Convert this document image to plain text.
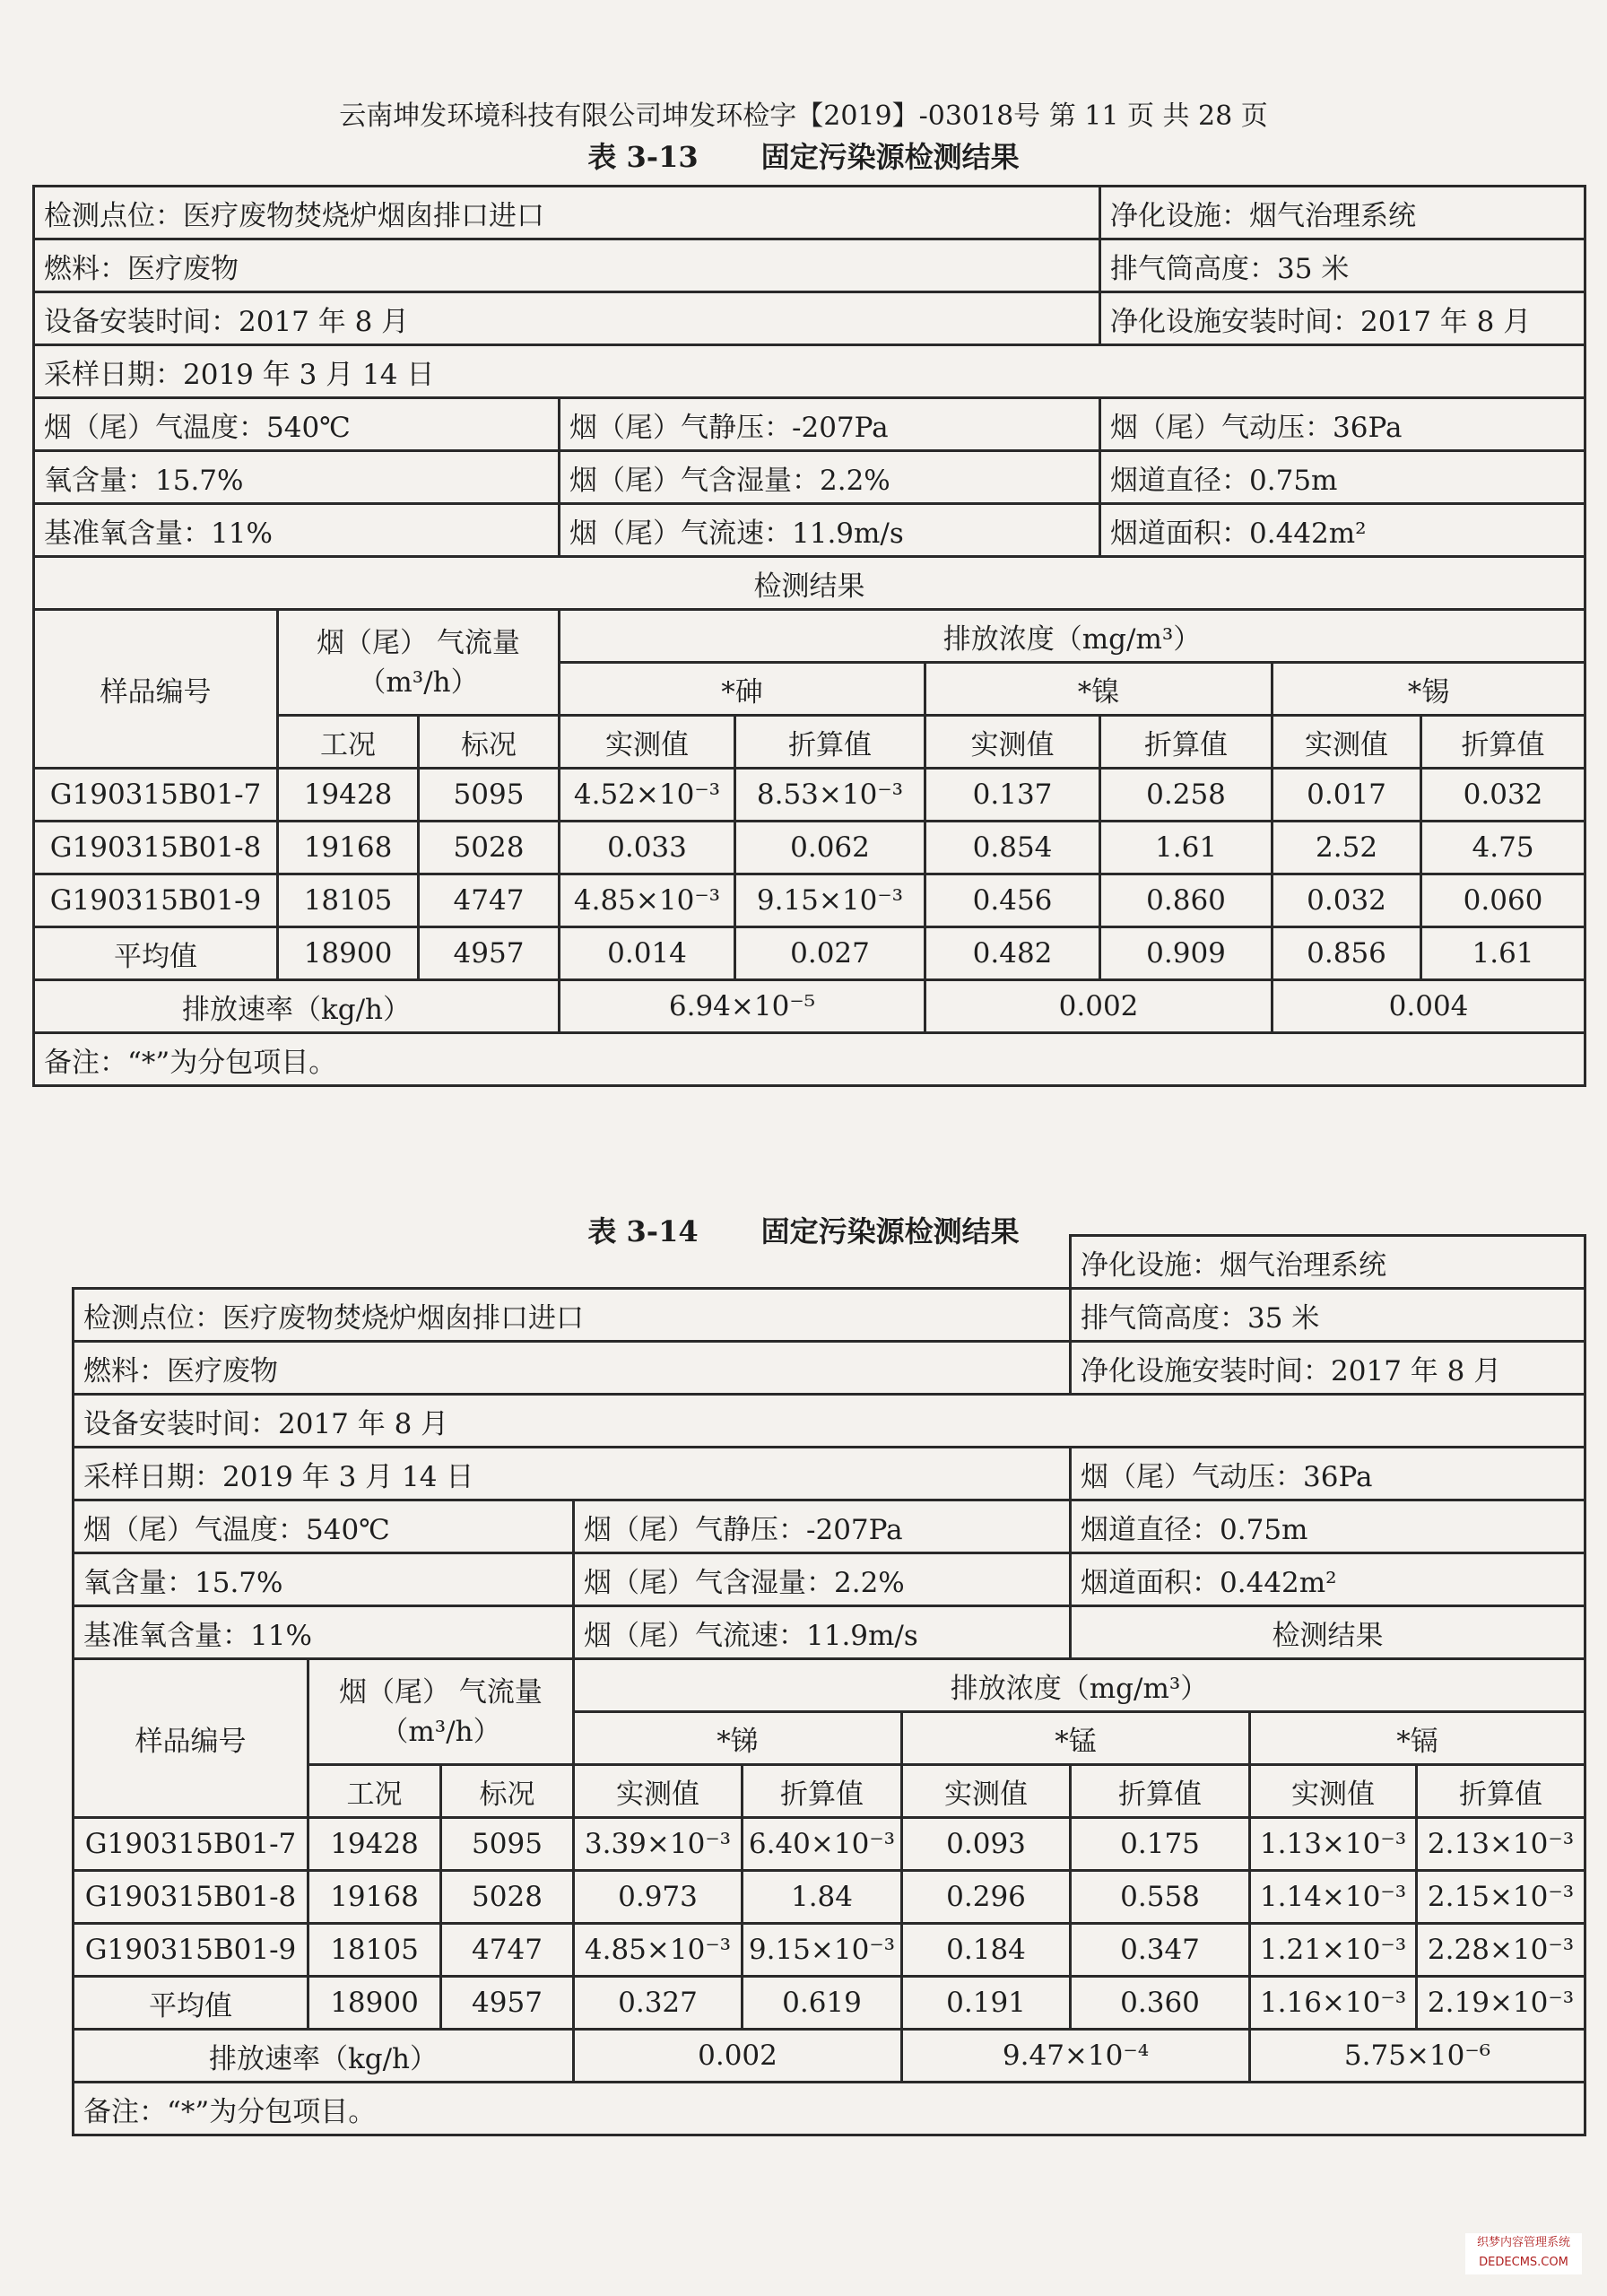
云南坤发环境科技有限公司坤发环检字【2019】-03018号 第 11 页 共 28 页
表 3-13 固定污染源检测结果
检测点位：医疗废物焚烧炉烟囱排口进口						净化设施：烟气治理系统		
燃料：医疗废物						排气筒高度：35 米		
设备安装时间：2017 年 8 月						净化设施安装时间：2017 年 8 月		
采样日期：2019 年 3 月 14 日								
烟（尾）气温度：540℃			烟（尾）气静压：-207Pa			烟（尾）气动压：36Pa		
氧含量：15.7%			烟（尾）气含湿量：2.2%			烟道直径：0.75m		
基准氧含量：11%			烟（尾）气流速：11.9m/s			烟道面积：0.442m²		
检测结果								
样品编号	烟（尾） 气流量（m³/h）		排放浓度（mg/m³）					
			*砷		*镍		*锡	
	工况	标况	实测值	折算值	实测值	折算值	实测值	折算值
G190315B01-7	19428	5095	4.52×10⁻³	8.53×10⁻³	0.137	0.258	0.017	0.032
G190315B01-8	19168	5028	0.033	0.062	0.854	1.61	2.52	4.75
G190315B01-9	18105	4747	4.85×10⁻³	9.15×10⁻³	0.456	0.860	0.032	0.060
平均值	18900	4957	0.014	0.027	0.482	0.909	0.856	1.61
排放速率（kg/h）			6.94×10⁻⁵		0.002		0.004	
备注：“*”为分包项目。								
表 3-14 固定污染源检测结果
						净化设施：烟气治理系统		
检测点位：医疗废物焚烧炉烟囱排口进口						排气筒高度：35 米		
燃料：医疗废物						净化设施安装时间：2017 年 8 月		
设备安装时间：2017 年 8 月								
采样日期：2019 年 3 月 14 日						烟（尾）气动压：36Pa		
烟（尾）气温度：540℃			烟（尾）气静压：-207Pa			烟道直径：0.75m		
氧含量：15.7%			烟（尾）气含湿量：2.2%			烟道面积：0.442m²		
基准氧含量：11%			烟（尾）气流速：11.9m/s			检测结果		
样品编号	烟（尾） 气流量（m³/h）		排放浓度（mg/m³）					
			*锑		*锰		*镉	
	工况	标况	实测值	折算值	实测值	折算值	实测值	折算值
G190315B01-7	19428	5095	3.39×10⁻³	6.40×10⁻³	0.093	0.175	1.13×10⁻³	2.13×10⁻³
G190315B01-8	19168	5028	0.973	1.84	0.296	0.558	1.14×10⁻³	2.15×10⁻³
G190315B01-9	18105	4747	4.85×10⁻³	9.15×10⁻³	0.184	0.347	1.21×10⁻³	2.28×10⁻³
平均值	18900	4957	0.327	0.619	0.191	0.360	1.16×10⁻³	2.19×10⁻³
排放速率（kg/h）			0.002		9.47×10⁻⁴		5.75×10⁻⁶	
备注：“*”为分包项目。								
织梦内容管理系统
DEDECMS.COM
